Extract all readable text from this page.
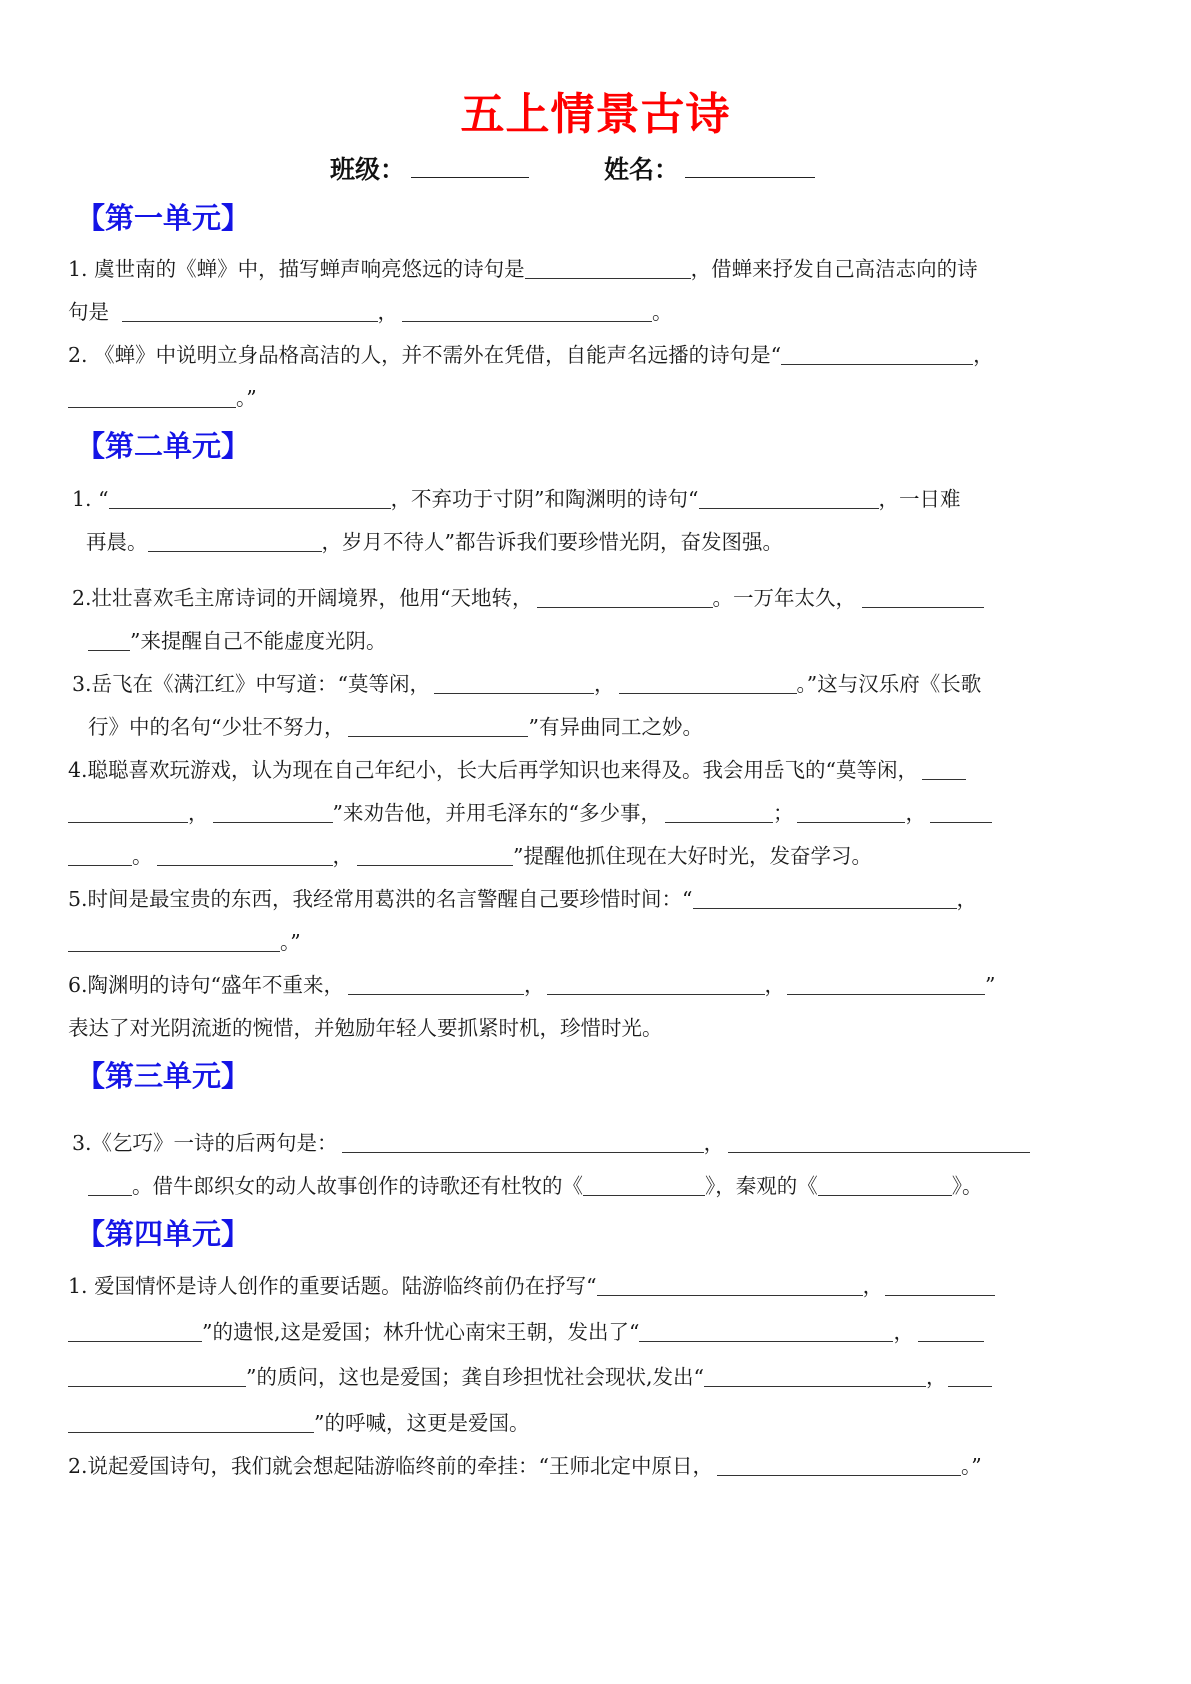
五上情景古诗
班级：	姓名：
【第一单元】
1. 虞世南的《蝉》中，描写蝉声响亮悠远的诗句是	，借蝉来抒发自己高洁志向的诗
句是	，	。
2. 《蝉》中说明立身品格高洁的人，并不需外在凭借，自能声名远播的诗句是“	，
。”
【第二单元】
1. “	，不弃功于寸阴”和陶渊明的诗句“	，一日难
再晨。	，岁月不待人”都告诉我们要珍惜光阴，奋发图强。
2.壮壮喜欢毛主席诗词的开阔境界，他用“天地转，	。一万年太久，
”来提醒自己不能虚度光阴。
3.岳飞在《满江红》中写道：“莫等闲，	，	。”这与汉乐府《长歌
行》中的名句“少壮不努力，	”有异曲同工之妙。
4.聪聪喜欢玩游戏，认为现在自己年纪小，长大后再学知识也来得及。我会用岳飞的“莫等闲，
，	”来劝告他，并用毛泽东的“多少事，	；	，
。	，	”提醒他抓住现在大好时光，发奋学习。
5.时间是最宝贵的东西，我经常用葛洪的名言警醒自己要珍惜时间：“	，
。”
6.陶渊明的诗句“盛年不重来，	，	，	”
表达了对光阴流逝的惋惜，并勉励年轻人要抓紧时机，珍惜时光。
【第三单元】
3.《乞巧》一诗的后两句是：	，
。借牛郎织女的动人故事创作的诗歌还有杜牧的《	》，秦观的《	》。
【第四单元】
1. 爱国情怀是诗人创作的重要话题。陆游临终前仍在抒写“	，
”的遗恨,这是爱国；林升忧心南宋王朝，发出了“	，
”的质问，这也是爱国；龚自珍担忧社会现状,发出“	，
”的呼喊，这更是爱国。
2.说起爱国诗句，我们就会想起陆游临终前的牵挂：“王师北定中原日，	。”
